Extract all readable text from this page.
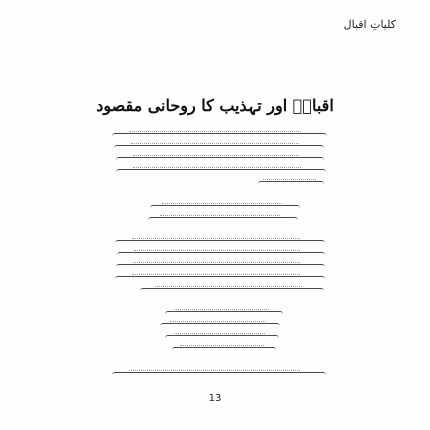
کلیاتِ اقبال
اقبالؔ اور تہذیب کا روحانی مقصود
13
